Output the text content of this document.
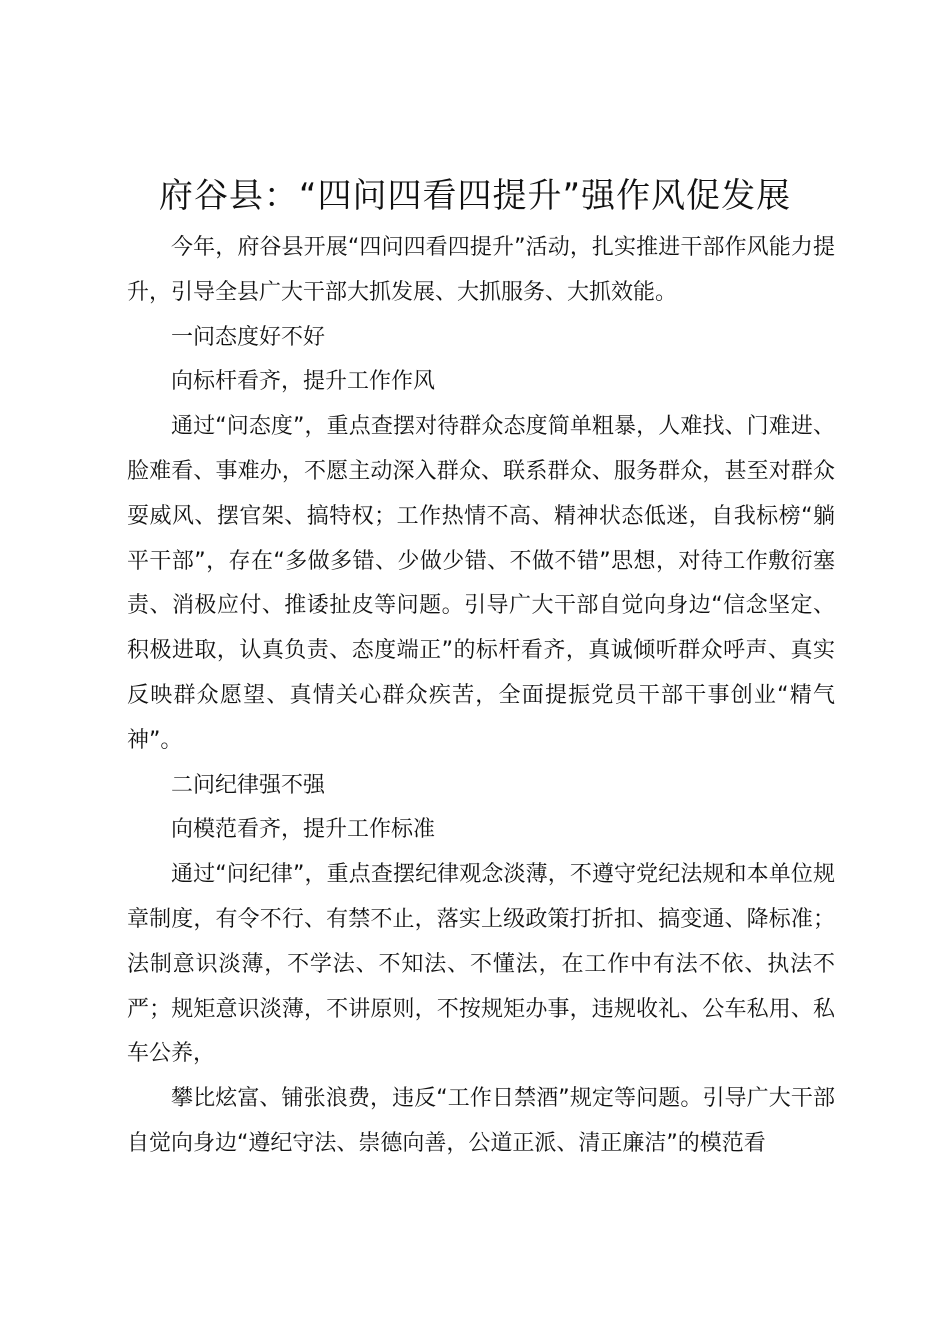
府谷县：“四问四看四提升”强作风促发展

今年，府谷县开展“四问四看四提升”活动，扎实推进干部作风能力提升，引导全县广大干部大抓发展、大抓服务、大抓效能。

一问态度好不好

向标杆看齐，提升工作作风

通过“问态度”，重点查摆对待群众态度简单粗暴，人难找、门难进、脸难看、事难办，不愿主动深入群众、联系群众、服务群众，甚至对群众耍威风、摆官架、搞特权；工作热情不高、精神状态低迷，自我标榜“躺平干部”，存在“多做多错、少做少错、不做不错”思想，对待工作敷衍塞责、消极应付、推诿扯皮等问题。引导广大干部自觉向身边“信念坚定、积极进取，认真负责、态度端正”的标杆看齐，真诚倾听群众呼声、真实反映群众愿望、真情关心群众疾苦，全面提振党员干部干事创业“精气神”。

二问纪律强不强

向模范看齐，提升工作标准

通过“问纪律”，重点查摆纪律观念淡薄，不遵守党纪法规和本单位规章制度，有令不行、有禁不止，落实上级政策打折扣、搞变通、降标准；法制意识淡薄，不学法、不知法、不懂法，在工作中有法不依、执法不严；规矩意识淡薄，不讲原则，不按规矩办事，违规收礼、公车私用、私车公养，

攀比炫富、铺张浪费，违反“工作日禁酒”规定等问题。引导广大干部自觉向身边“遵纪守法、崇德向善，公道正派、清正廉洁”的模范看
